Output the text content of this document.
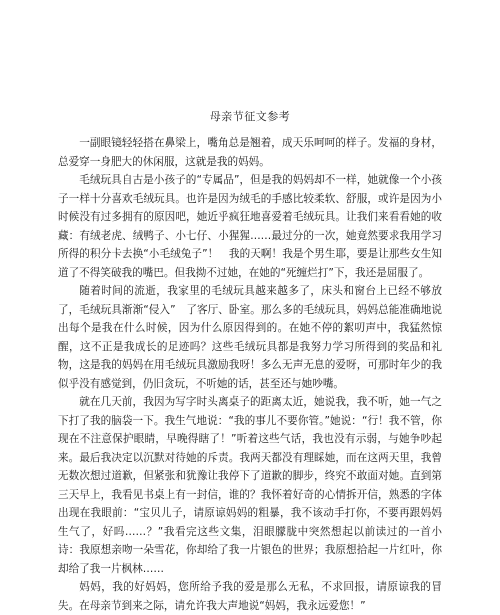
母亲节征文参考

一副眼镜轻轻搭在鼻梁上，嘴角总是翘着，成天乐呵呵的样子。发福的身材，总爱穿一身肥大的休闲服，这就是我的妈妈。

毛绒玩具自古是小孩子的“专属品”，但是我的妈妈却不一样，她就像一个小孩子一样十分喜欢毛绒玩具。也许是因为绒毛的手感比较柔软、舒服，或许是因为小时候没有过多拥有的原因吧，她近乎疯狂地喜爱着毛绒玩具。让我们来看看她的收藏：有绒老虎、绒鸭子、小七仔、小猩猩……最过分的一次，她竟然要求我用学习所得的积分卡去换“小毛绒兔子”！　我的天啊！我是个男生耶，要是让那些女生知道了不得笑破我的嘴巴。但我拗不过她，在她的“死缠烂打”下，我还是屈服了。

随着时间的流逝，我家里的毛绒玩具越来越多了，床头和窗台上已经不够放了，毛绒玩具渐渐“侵入”　了客厅、卧室。那么多的毛绒玩具，妈妈总能准确地说出每个是我在什么时候，因为什么原因得到的。在她不停的絮叨声中，我猛然惊醒，这不正是我成长的足迹吗？这些毛绒玩具都是我努力学习所得到的奖品和礼物，这是我的妈妈在用毛绒玩具激励我呀！多么无声无息的爱呀，可那时年少的我似乎没有感觉到，仍旧贪玩，不听她的话，甚至还与她吵嘴。

就在几天前，我因为写字时头离桌子的距离太近，她说我，我不听，她一气之下打了我的脑袋一下。我生气地说：“我的事儿不要你管。”她说：“行！我不管，你现在不注意保护眼睛，早晚得瞎了！”听着这些气话，我也没有示弱，与她争吵起来。最后我决定以沉默对待她的斥责。我两天都没有理睬她，而在这两天里，我曾无数次想过道歉，但紧张和犹豫让我停下了道歉的脚步，终究不敢面对她。直到第三天早上，我看见书桌上有一封信，谁的？我怀着好奇的心情拆开信，熟悉的字体出现在我眼前：“宝贝儿子，请原谅妈妈的粗暴，我不该动手打你，不要再跟妈妈生气了，好吗……？”我看完这些文集，泪眼朦胧中突然想起以前读过的一首小诗：我原想亲吻一朵雪花，你却给了我一片银色的世界；我原想拾起一片红叶，你却给了我一片枫林……

妈妈，我的好妈妈，您所给予我的爱是那么无私，不求回报，请原谅我的冒失。在母亲节到来之际，请允许我大声地说“妈妈，我永远爱您！”
